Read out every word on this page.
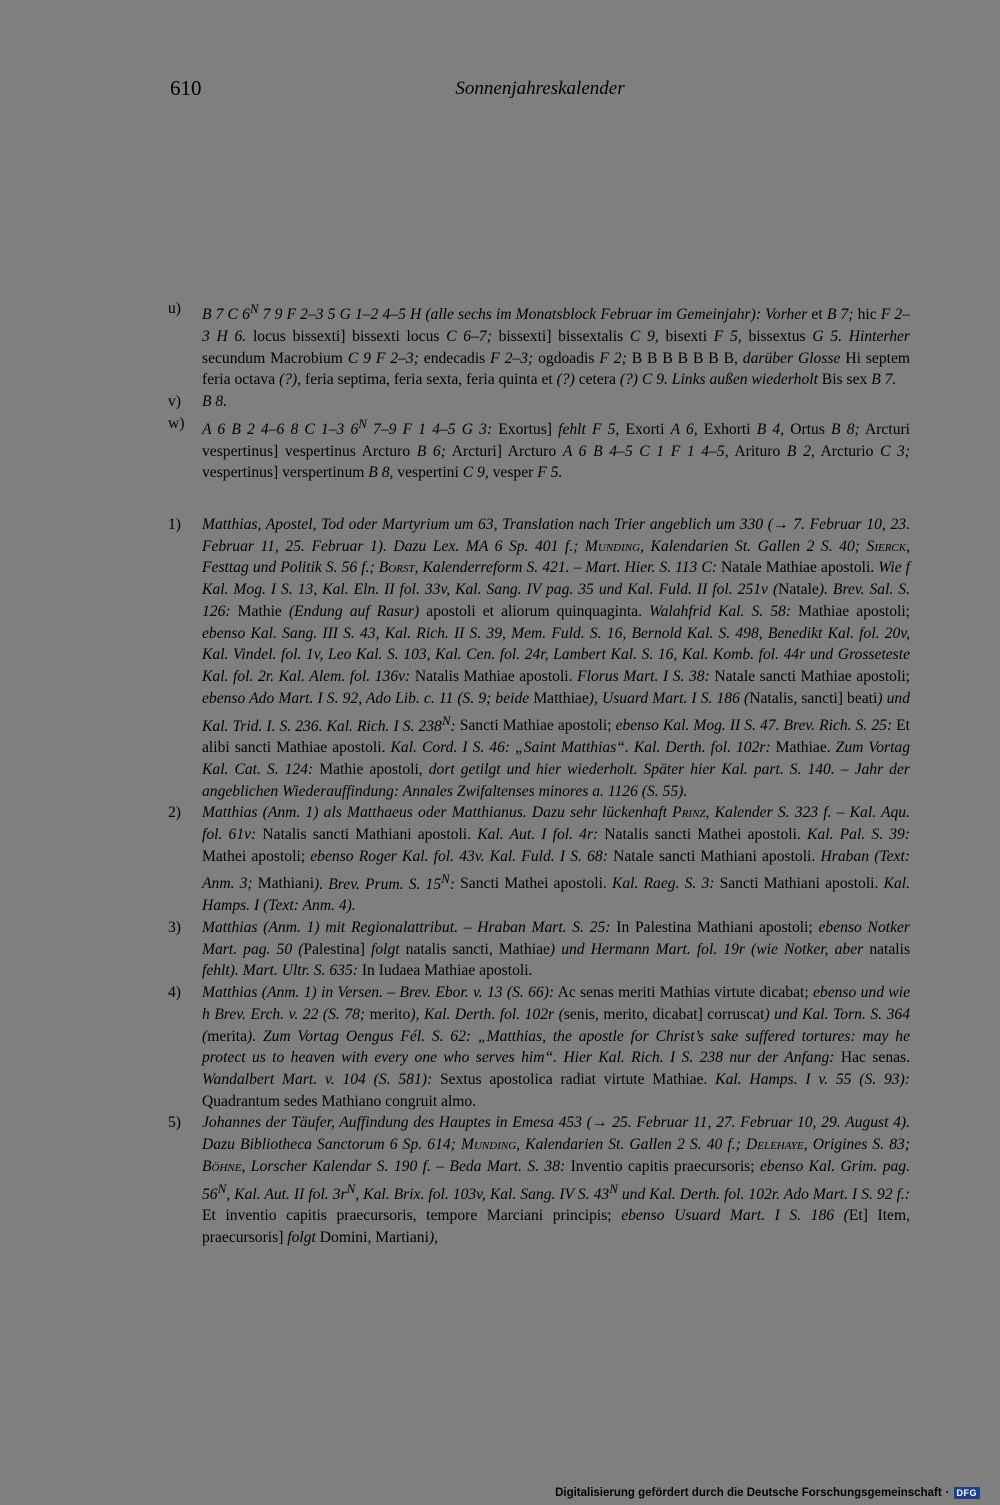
610	Sonnenjahreskalender
u)	B 7 C $6^N$ 7 9 F 2–3 5 G 1–2 4–5 H (alle sechs im Monatsblock Februar im Gemeinjahr): Vorher et B 7; hic F 2–3 H 6. locus bissexti] bissexti locus C 6–7; bissexti] bissextalis C 9, bisexti F 5, bissextus G 5. Hinterher secundum Macrobium C 9 F 2–3; endecadis F 2–3; ogdoadis F 2; B B B B B B B, darüber Glosse Hi septem feria octava (?), feria septima, feria sexta, feria quinta et (?) cetera (?) C 9. Links außen wiederholt Bis sex B 7.
v)	B 8.
w)	A 6 B 2 4–6 8 C 1–3 $6^N$ 7–9 F 1 4–5 G 3: Exortus] fehlt F 5, Exorti A 6, Exhorti B 4, Ortus B 8; Arcturi vespertinus] vespertinus Arcturo B 6; Arcturi] Arcturo A 6 B 4–5 C 1 F 1 4–5, Arituro B 2, Arcturio C 3; vespertinus] verspertinum B 8, vespertini C 9, vesper F 5.
1)	Matthias, Apostel, Tod oder Martyrium um 63, Translation nach Trier angeblich um 330 (→ 7. Februar 10, 23. Februar 11, 25. Februar 1). Dazu Lex. MA 6 Sp. 401 f.; Munding, Kalendarien St. Gallen 2 S. 40; Sierck, Festtag und Politik S. 56 f.; Borst, Kalenderreform S. 421. – Mart. Hier. S. 113 C: Natale Mathiae apostoli. Wie f Kal. Mog. I S. 13, Kal. Eln. II fol. 33v, Kal. Sang. IV pag. 35 und Kal. Fuld. II fol. 251v (Natale). Brev. Sal. S. 126: Mathie (Endung auf Rasur) apostoli et aliorum quinquaginta. Walahfrid Kal. S. 58: Mathiae apostoli; ebenso Kal. Sang. III S. 43, Kal. Rich. II S. 39, Mem. Fuld. S. 16, Bernold Kal. S. 498, Benedikt Kal. fol. 20v, Kal. Vindel. fol. 1v, Leo Kal. S. 103, Kal. Cen. fol. 24r, Lambert Kal. S. 16, Kal. Komb. fol. 44r und Grosseteste Kal. fol. 2r. Kal. Alem. fol. 136v: Natalis Mathiae apostoli. Florus Mart. I S. 38: Natale sancti Mathiae apostoli; ebenso Ado Mart. I S. 92, Ado Lib. c. 11 (S. 9; beide Matthiae), Usuard Mart. I S. 186 (Natalis, sancti] beati) und Kal. Trid. I. S. 236. Kal. Rich. I S. $238^N$: Sancti Mathiae apostoli; ebenso Kal. Mog. II S. 47. Brev. Rich. S. 25: Et alibi sancti Mathiae apostoli. Kal. Cord. I S. 46: „Saint Matthias“. Kal. Derth. fol. 102r: Mathiae. Zum Vortag Kal. Cat. S. 124: Mathie apostoli, dort getilgt und hier wiederholt. Später hier Kal. part. S. 140. – Jahr der angeblichen Wiederauffindung: Annales Zwifaltenses minores a. 1126 (S. 55).
2)	Matthias (Anm. 1) als Matthaeus oder Matthianus. Dazu sehr lückenhaft Prinz, Kalender S. 323 f. – Kal. Aqu. fol. 61v: Natalis sancti Mathiani apostoli. Kal. Aut. I fol. 4r: Natalis sancti Mathei apostoli. Kal. Pal. S. 39: Mathei apostoli; ebenso Roger Kal. fol. 43v. Kal. Fuld. I S. 68: Natale sancti Mathiani apostoli. Hraban (Text: Anm. 3; Mathiani). Brev. Prum. S. $15^N$: Sancti Mathei apostoli. Kal. Raeg. S. 3: Sancti Mathiani apostoli. Kal. Hamps. I (Text: Anm. 4).
3)	Matthias (Anm. 1) mit Regionalattribut. – Hraban Mart. S. 25: In Palestina Mathiani apostoli; ebenso Notker Mart. pag. 50 (Palestina] folgt natalis sancti, Mathiae) und Hermann Mart. fol. 19r (wie Notker, aber natalis fehlt). Mart. Ultr. S. 635: In Iudaea Mathiae apostoli.
4)	Matthias (Anm. 1) in Versen. – Brev. Ebor. v. 13 (S. 66): Ac senas meriti Mathias virtute dicabat; ebenso und wie h Brev. Erch. v. 22 (S. 78; merito), Kal. Derth. fol. 102r (senis, merito, dicabat] corruscat) und Kal. Torn. S. 364 (merita). Zum Vortag Oengus Fél. S. 62: „Matthias, the apostle for Christ’s sake suffered tortures: may he protect us to heaven with every one who serves him“. Hier Kal. Rich. I S. 238 nur der Anfang: Hac senas. Wandalbert Mart. v. 104 (S. 581): Sextus apostolica radiat virtute Mathiae. Kal. Hamps. I v. 55 (S. 93): Quadrantum sedes Mathiano congruit almo.
5)	Johannes der Täufer, Auffindung des Hauptes in Emesa 453 (→ 25. Februar 11, 27. Februar 10, 29. August 4). Dazu Bibliotheca Sanctorum 6 Sp. 614; Munding, Kalendarien St. Gallen 2 S. 40 f.; Delehaye, Origines S. 83; Böhne, Lorscher Kalendar S. 190 f. – Beda Mart. S. 38: Inventio capitis praecursoris; ebenso Kal. Grim. pag. $56^N$, Kal. Aut. II fol. $3r^N$, Kal. Brix. fol. 103v, Kal. Sang. IV S. $43^N$ und Kal. Derth. fol. 102r. Ado Mart. I S. 92 f.: Et inventio capitis praecursoris, tempore Marciani principis; ebenso Usuard Mart. I S. 186 (Et] Item, praecursoris] folgt Domini, Martiani),
Digitalisierung gefördert durch die Deutsche Forschungsgemeinschaft · DFG
